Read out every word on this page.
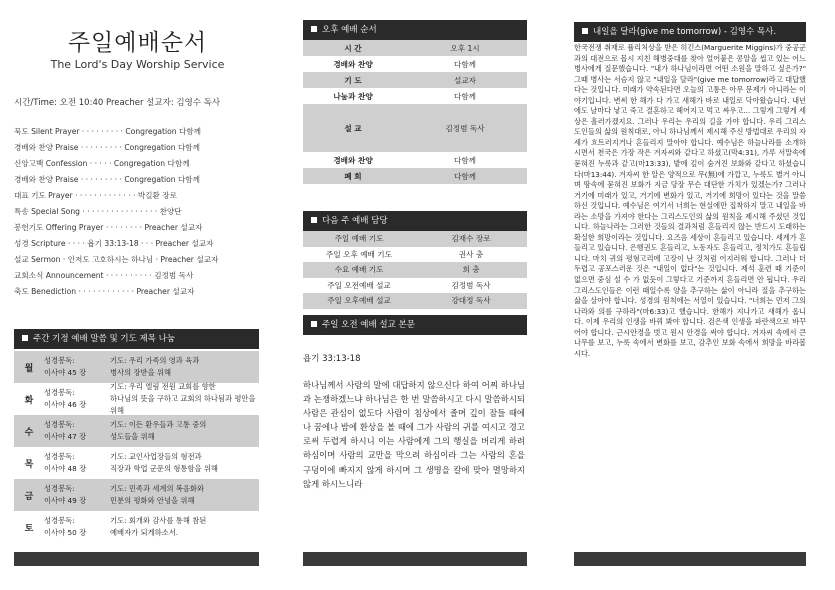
주일예배순서
The Lord's Day Worship Service
시간/Time: 오전 10:40 Preacher 설교자: 김영수 독사
묵도 Silent Prayer · · · · · · · · · Congregation 다함께
경배와 찬양 Praise · · · · · · · · · Congregation 다함께
신앙고백 Confession · · · · · Congregation 다함께
경배와 찬양 Praise · · · · · · · · · Congregation 다함께
대표 기도 Prayer · · · · · · · · · · · · · 박길환 장로
특송 Special Song · · · · · · · · · · · · · · · · 찬양단
봉헌기도 Offering Prayer · · · · · · · · Preacher 설교자
성경 Scripture · · · · 욥기 33:13-18 · · · Preacher 설교자
설교 Sermon · 인저도 고호하시는 하나님 · Preacher 설교자
교회소식 Announcement · · · · · · · · · · 김정범 독사
축도 Benediction · · · · · · · · · · · · Preacher 설교자
주간 기정 예배 말씀 및 기도 제목 나눔
월
성경봉독:
이사야 45 장
기도: 우리 가족의 영과 육과
병사의 장받을 위해
화
성경봉독:
이사야 46 장
기도: 우리 엘림 전원 교회를 향한
하나님의 뜻을 구하고 교회의 하나됨과 평안을 위해
수
성경봉독:
이사야 47 장
기도: 이든 환우들과 고통 중의
성도들을 위해
목
성경봉독:
이사야 48 장
기도: 교인사업장들의 형전과
직장과 학업 군문의 형통함을 위해
금
성경봉독:
이사야 49 장
기도: 민족과 세계의 복음화와
민분의 평화와 안녕을 위해
토
성경봉독:
이사야 50 장
기도: 회개와 감사를 통해 참된
예배자가 되게하소서.
오후 예배 순서
시 간	오후 1시
경배와 찬양	다함께
기 도	설교자
나눔과 찬양	다함께
설 교	김정범 독사
경배와 찬양	다함께
폐 회	다함께
다음 주 예배 담당
주일 예배 기도	김재수 장로
주일 오후 예배 기도	권사 충
수요 예배 기도	희 충
주일 오전예배 설교	김정범 독사
주일 오후예배 설교	강대정 독사
주일 오전 예배 설교 본문
욥기 33:13-18
하나님께서 사람의 말에 대답하지 않으신다 하여 어찌 하나님과 논쟁하겠느냐 하나님은 한 번 말씀하시고 다시 말씀하시되 사람은 관심이 없도다 사람이 침상에서 졸며 깊이 잠들 때에나 꿈에나 밤에 환상을 볼 때에 그가 사람의 귀를 여시고 경고로써 두렵게 하시니 이는 사람에게 그의 행실을 버리게 하려 하심이며 사람의 교만을 막으려 하심이라 그는 사람의 혼을 구덩이에 빠지지 않게 하시며 그 생명을 칼에 맞아 멸망하지 않게 하시느니라
내일을 달라(give me tomorrow) - 김영수 목사.
한국전쟁 취재로 퓰리처상을 받은 히긴스(Marguerite Miggins)가 중공군과의 대전으로 몹시 지친 해병중대를 찾아 얼어붙은 콩알을 씹고 있는 어느 병사에게 질문했습니다. "내가 하나님이라면 어떤 소원을 말하고 싶은가?" 그때 병사는 서슴지 않고 "내일을 달라"(give me tomorrow)라고 대답했다는 것입니다. 미래가 약속된다면 오늘의 고통은 아무 문제가 아니라는 이야기입니다. 변써 한 해가 다 가고 새해가 바로 내일로 닥아왔습니다. 내년에도 날마다 낳고 죽고 결혼하고 헤어지고 먹고 싸우고... 그렇게 그렇게 세상은 흘러가겠지요. 그러나 우리는 우리의 길을 가야 합니다. 우리 그리스도인들의 삶의 원칙대로, 아니 하나님께서 제시해 주신 방법대로 우리의 자세가 흐트러지거나 흔들리지 말아야 합니다. 예수님은 하늘나라를 소개하시면서 천국은 가장 작은 겨자씨와 같다고 하셨고(막4:31), 가루 서말속에 묻혀진 누룩과 같고(마13:33), 밭에 깊이 숨겨진 보화와 같다고 하셨습니다(마13:44). 겨자씨 한 알은 양적으로 무(無)에 가깝고, 누룩도 별거 아니며 땅속에 묻혀진 보화가 지금 당장 무슨 대단한 가치가 있겠는가? 그러나 거기에 미래가 있고, 거기에 변화가 있고, 거기에 희망이 있다는 것을 말씀하신 것입니다. 예수님은 여기서 너희는 현실에만 집착하지 말고 내일을 바라는 소망을 가져야 한다는 그리스도인의 삶의 원칙을 제시해 주셨던 것입니다. 하늘나라는 그러한 것들의 결과처럼 흔들리지 않는 반드시 도래하는 확실한 희망이라는 것입니다. 요즈음 세상이 흔들리고 있습니다. 세계가 흔들리고 있습니다. 은행권도 흔들리고, 노동자도 흔들리고, 정치가도 흔들립니다. 마치 귀의 평형고리에 고장이 난 것처럼 어지러워 합니다. 그러나 더 두렵고 공포스러운 것은 "내일이 없다"는 것입니다. 제석 훈련 때 기준이 없으면 중심 설 수 가 없듯이 그렇다고 기준까지 흔들리면 안 됩니다. 우리 그리스도인들은 이런 때일수록 양을 추구하는 삶이 아니라 질을 추구하는 삶을 살아야 합니다. 성경의 원칙에는 서열이 있습니다. "너희는 먼저 그의 나라와 의를 구하라"(마6:33)고 했습니다. 한해가 지나가고 새해가 옵니다. 이제 우리의 인생을 바꿔 봐야 합니다. 검은색 인생을 파란색으로 바꾸어야 합니다. 근시안경을 벗고 원시 안경을 써야 합니다. 겨자씨 속에서 큰 나무를 보고, 누룩 속에서 변화를 보고, 감추인 보화 속에서 희망을 바라봅시다.
